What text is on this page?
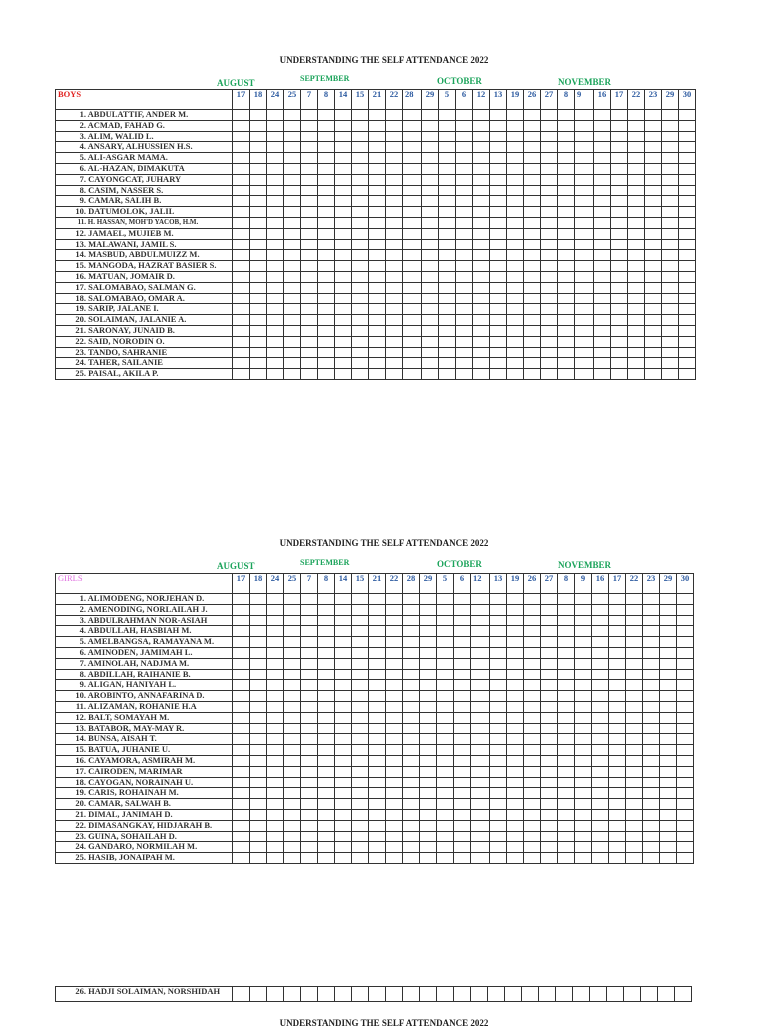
UNDERSTANDING THE SELF ATTENDANCE 2022
AUGUST	SEPTEMBER	OCTOBER	NOVEMBER
BOYS	17	18	24	25	7	8	14	15	21	22	28	29	5	6	12	13	19	26	27	8	9	16	17	22	23	29	30
1. ABDULATTIF, ANDER M.																											
2. ACMAD, FAHAD G.																											
3. ALIM, WALID L.																											
4. ANSARY, ALHUSSIEN H.S.																											
5. ALI-ASGAR MAMA.																											
6. AL-HAZAN, DIMAKUTA																											
7. CAYONGCAT, JUHARY																											
8. CASIM, NASSER S.																											
9. CAMAR, SALIH B.																											
10. DATUMOLOK, JALIL																											
11. H. HASSAN, MOH'D YACOB, H.M.																											
12. JAMAEL, MUJIEB M.																											
13. MALAWANI, JAMIL S.																											
14. MASBUD, ABDULMUIZZ M.																											
15. MANGODA, HAZRAT BASIER S.																											
16. MATUAN, JOMAIR D.																											
17. SALOMABAO, SALMAN G.																											
18. SALOMABAO, OMAR A.																											
19. SARIP, JALANE I.																											
20. SOLAIMAN, JALANIE A.																											
21. SARONAY, JUNAID B.																											
22. SAID, NORODIN O.																											
23. TANDO, SAHRANIE																											
24. TAHER, SAILANIE																											
25. PAISAL, AKILA P.																											
UNDERSTANDING THE SELF ATTENDANCE 2022
AUGUST	SEPTEMBER	OCTOBER	NOVEMBER
GIRLS	17	18	24	25	7	8	14	15	21	22	28	29	5	6	12	13	19	26	27	8	9	16	17	22	23	29	30
1. ALIMODENG, NORJEHAN D.																											
2. AMENODING, NORLAILAH J.																											
3. ABDULRAHMAN NOR-ASIAH																											
4. ABDULLAH, HASBIAH M.																											
5. AMELBANGSA, RAMAYANA M.																											
6. AMINODEN, JAMIMAH L.																											
7. AMINOLAH, NADJMA M.																											
8. ABDILLAH, RAIHANIE B.																											
9. ALIGAN, HANIYAH L.																											
10. AROBINTO, ANNAFARINA D.																											
11. ALIZAMAN, ROHANIE H.A																											
12. BALT, SOMAYAH M.																											
13. BATABOR, MAY-MAY R.																											
14. BUNSA, AISAH T.																											
15. BATUA, JUHANIE U.																											
16. CAYAMORA, ASMIRAH M.																											
17. CAIRODEN, MARIMAR																											
18. CAYOGAN, NORAINAH U.																											
19. CARIS, ROHAINAH M.																											
20. CAMAR, SALWAH B.																											
21. DIMAL, JANIMAH D.																											
22. DIMASANGKAY, HIDJARAH B.																											
23. GUINA, SOHAILAH D.																											
24. GANDARO, NORMILAH M.																											
25. HASIB, JONAIPAH M.																											
26. HADJI SOLAIMAN, NORSHIDAH																											
UNDERSTANDING THE SELF ATTENDANCE 2022
